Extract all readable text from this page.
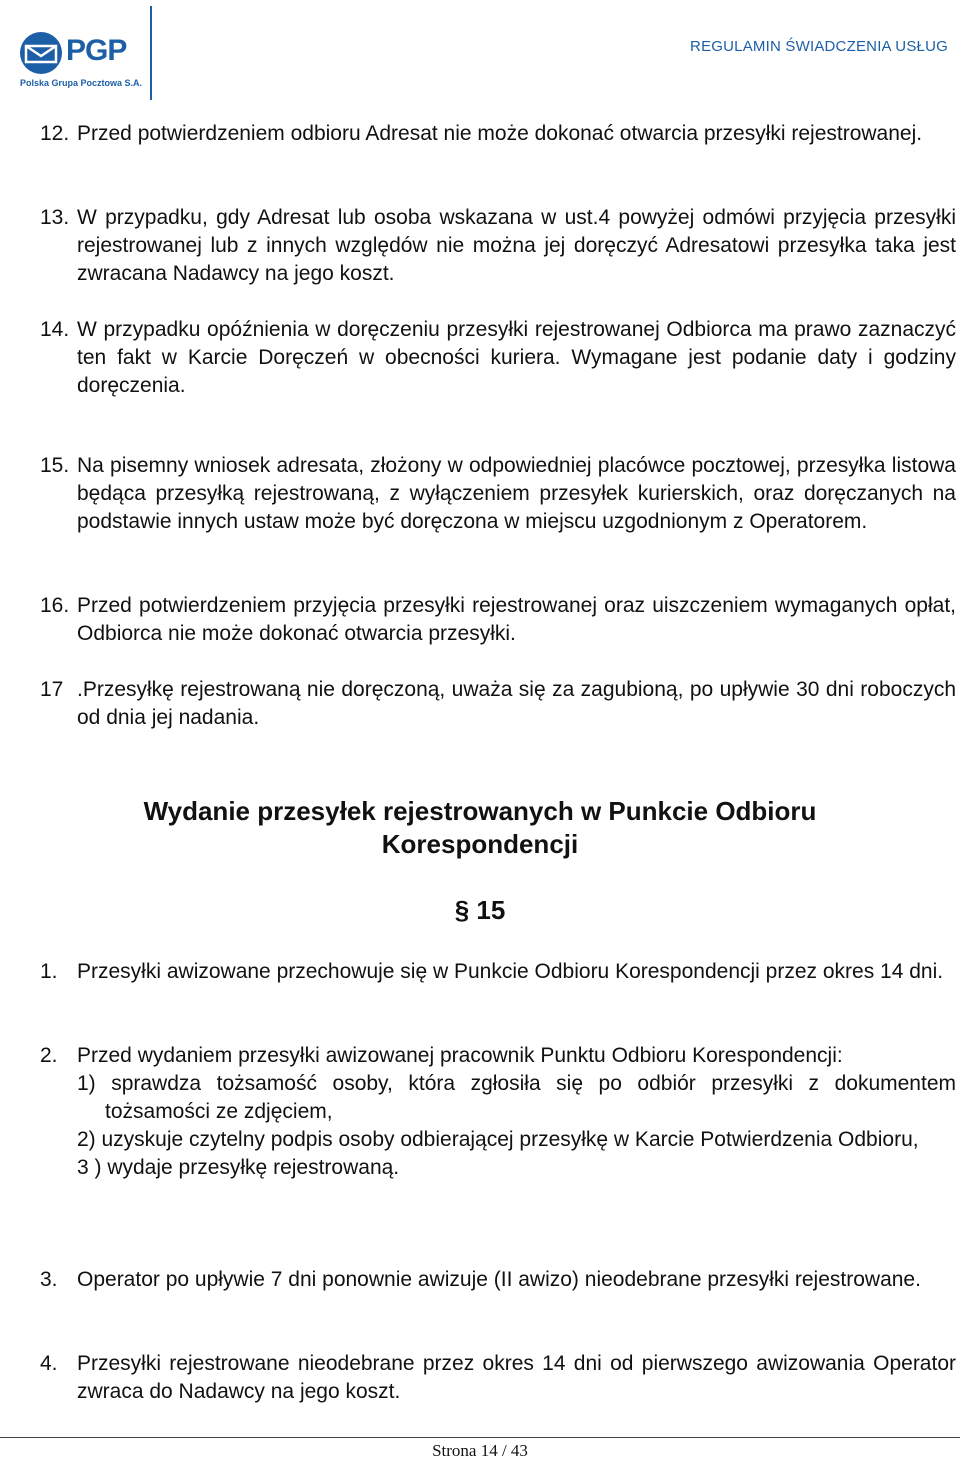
PGP
Polska Grupa Pocztowa S.A.
REGULAMIN ŚWIADCZENIA USŁUG
12. Przed potwierdzeniem odbioru Adresat nie może dokonać otwarcia przesyłki rejestrowanej.
13. W przypadku, gdy Adresat lub osoba wskazana w ust.4 powyżej odmówi przyjęcia przesyłki rejestrowanej lub z innych względów nie można jej doręczyć Adresatowi przesyłka taka jest zwracana Nadawcy na jego koszt.
14. W przypadku opóźnienia w doręczeniu przesyłki rejestrowanej Odbiorca ma prawo zaznaczyć ten fakt w Karcie Doręczeń w obecności kuriera. Wymagane jest podanie daty i godziny doręczenia.
15. Na pisemny wniosek adresata, złożony w odpowiedniej placówce pocztowej, przesyłka listowa będąca przesyłką rejestrowaną, z wyłączeniem przesyłek kurierskich, oraz doręczanych na podstawie innych ustaw może być doręczona w miejscu uzgodnionym z Operatorem.
16. Przed potwierdzeniem przyjęcia przesyłki rejestrowanej oraz uiszczeniem wymaganych opłat, Odbiorca nie może dokonać otwarcia przesyłki.
17 .Przesyłkę rejestrowaną nie doręczoną, uważa się za zagubioną, po upływie 30 dni roboczych od dnia jej nadania.
Wydanie przesyłek rejestrowanych w Punkcie Odbioru
Korespondencji
§ 15
1. Przesyłki awizowane przechowuje się w Punkcie Odbioru Korespondencji przez okres 14 dni.
2. Przed wydaniem przesyłki awizowanej pracownik Punktu Odbioru Korespondencji:
1) sprawdza tożsamość osoby, która zgłosiła się po odbiór przesyłki z dokumentem tożsamości ze zdjęciem,
2) uzyskuje czytelny podpis osoby odbierającej przesyłkę w Karcie Potwierdzenia Odbioru,
3 ) wydaje przesyłkę rejestrowaną.
3. Operator po upływie 7 dni ponownie awizuje (II awizo) nieodebrane przesyłki rejestrowane.
4. Przesyłki rejestrowane nieodebrane przez okres 14 dni od pierwszego awizowania Operator zwraca do Nadawcy na jego koszt.
Strona 14 / 43
